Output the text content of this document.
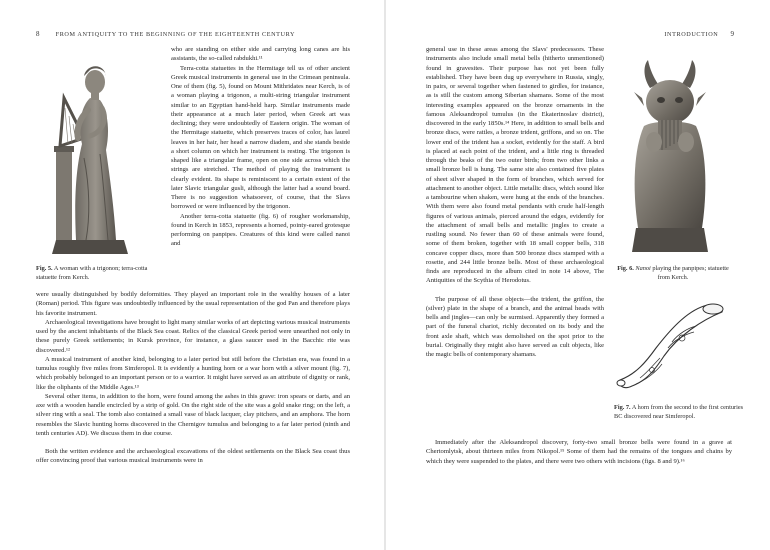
8	FROM ANTIQUITY TO THE BEGINNING OF THE EIGHTEENTH CENTURY
Fig. 5. A woman with a trigonon; terra-cotta statuette from Kerch.

who are standing on either side and carrying long canes are his assistants, the so-called rabdukhi.¹¹

Terra-cotta statuettes in the Hermitage tell us of other ancient Greek musical instruments in general use in the Crimean peninsula. One of them (fig. 5), found on Mount Mithridates near Kerch, is of a woman playing a trigonon, a multi-string triangular instrument similar to an Egyptian hand-held harp. Similar instruments made their appearance at a much later period, when Greek art was declining; they were undoubtedly of Eastern origin. The woman of the Hermitage statuette, which preserves traces of color, has laurel leaves in her hair, her head a narrow diadem, and she stands beside a short column on which her instrument is resting. The trigonon is shaped like a triangular frame, open on one side across which the strings are stretched. The method of playing the instrument is clearly evident. Its shape is reminiscent to a certain extent of the later Slavic triangular gusli, although the latter had a sound board. There is no suggestion whatsoever, of course, that the Slavs borrowed or were influenced by the trigonon.

Another terra-cotta statuette (fig. 6) of rougher workmanship, found in Kerch in 1853, represents a horned, pointy-eared grotesque performing on panpipes. Creatures of this kind were called nanoi and

were usually distinguished by bodily deformities. They played an important role in the wealthy houses of a later (Roman) period. This figure was undoubtedly influenced by the usual representation of the god Pan and therefore plays his favorite instrument.

Archaeological investigations have brought to light many similar works of art depicting various musical instruments used by the ancient inhabitants of the Black Sea coast. Relics of the classical Greek period were unearthed not only in these purely Greek settlements; in Kursk province, for instance, a glass saucer used in the Bacchic rite was discovered.¹²

A musical instrument of another kind, belonging to a later period but still before the Christian era, was found in a tumulus roughly five miles from Simferopol. It is evidently a hunting horn or a war horn with a silver mount (fig. 7), which probably belonged to an important person or to a warrior. It might have served as an attribute of dignity or rank, like the oliphants of the Middle Ages.¹³

Several other items, in addition to the horn, were found among the ashes in this grave: iron spears or darts, and an axe with a wooden handle encircled by a strip of gold. On the right side of the site was a gold snake ring; on the left, a silver ring with a seal. The tomb also contained a small vase of black lacquer, clay pitchers, and an amphora. The horn resembles the Slavic hunting horns discovered in the Chernigov tumulus and belonging to a far later period (ninth and tenth centuries AD). We discuss them in due course.

Both the written evidence and the archaeological excavations of the oldest settlements on the Black Sea coast thus offer convincing proof that various musical instruments were in

INTRODUCTION 9

general use in these areas among the Slavs' predecessors. These instruments also include small metal bells (hitherto unmentioned) found in gravesites. Their purpose has not yet been fully established. They have been dug up everywhere in Russia, singly, in pairs, or several together when fastened to girdles, for instance, as is still the custom among Siberian shamans. Some of the most interesting examples appeared on the bronze ornaments in the famous Aleksandropol tumulus (in the Ekaterinoslav district), discovered in the early 1850s.¹⁴ Here, in addition to small bells and bronze discs, were rattles, a bronze trident, griffons, and so on. The lower end of the trident has a socket, evidently for the staff. A bird is placed at each point of the trident, and a little ring is threaded through the beaks of the two outer birds; from two other links a small bronze bell is hung. The same site also contained five plates of sheet silver shaped in the form of branches, which served for attachment to another object. Little metallic discs, which sound like a tambourine when shaken, were hung at the ends of the branches. With them were also found metal pendants with crude half-length figures of various animals, pierced around the edges, evidently for the attachment of small bells and metallic jingles to create a rustling sound. No fewer than 60 of these animals were found, some of them broken, together with 18 small copper bells, 318 concave copper discs, more than 500 bronze discs stamped with a rosette, and 244 little bronze bells. Most of these archaeological finds are reproduced in the album cited in note 14 above, The Antiquities of the Scythia of Herodotus.

The purpose of all these objects—the trident, the griffon, the (silver) plate in the shape of a branch, and the animal heads with bells and jingles—can only be surmised. Apparently they formed a part of the funeral chariot, richly decorated on its body and the front axle shaft, which was demolished on the spot prior to the burial. Originally they might also have served as cult objects, like the magic bells of contemporary shamans.

Fig. 6. Nanoi playing the panpipes; statuette from Kerch.
Fig. 7. A horn from the second to the first centuries BC discovered near Simferopol.

Immediately after the Aleksandropol discovery, forty-two small bronze bells were found in a grave at Chertomlytsk, about thirteen miles from Nikopol.¹⁵ Some of them had the remains of the tongues and chains by which they were suspended to the plates, and there were two others with incisions (figs. 8 and 9).¹⁶
